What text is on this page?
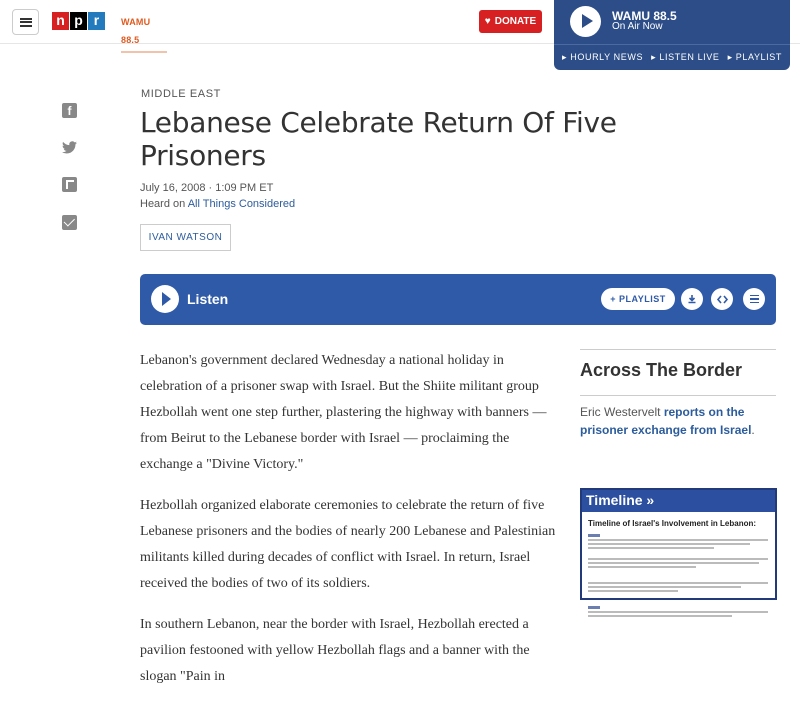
n p r	WAMU 88.5
♥ DONATE	WAMU 88.5
On Air Now
▸ HOURLY NEWS ▸ LISTEN LIVE ▸ PLAYLIST
f
MIDDLE EAST
Lebanese Celebrate Return Of Five Prisoners
July 16, 2008 · 1:09 PM ET
Heard on All Things Considered
IVAN WATSON
Listen	+ PLAYLIST

Lebanon's government declared Wednesday a national holiday in celebration of a prisoner swap with Israel. But the Shiite militant group Hezbollah went one step further, plastering the highway with banners — from Beirut to the Lebanese border with Israel — proclaiming the exchange a "Divine Victory."

Hezbollah organized elaborate ceremonies to celebrate the return of five Lebanese prisoners and the bodies of nearly 200 Lebanese and Palestinian militants killed during decades of conflict with Israel. In return, Israel received the bodies of two of its soldiers.

In southern Lebanon, near the border with Israel, Hezbollah erected a pavilion festooned with yellow Hezbollah flags and a banner with the slogan "Pain in

Across The Border
Eric Westervelt reports on the prisoner exchange from Israel.
Timeline »
Timeline of Israel's Involvement in Lebanon:
